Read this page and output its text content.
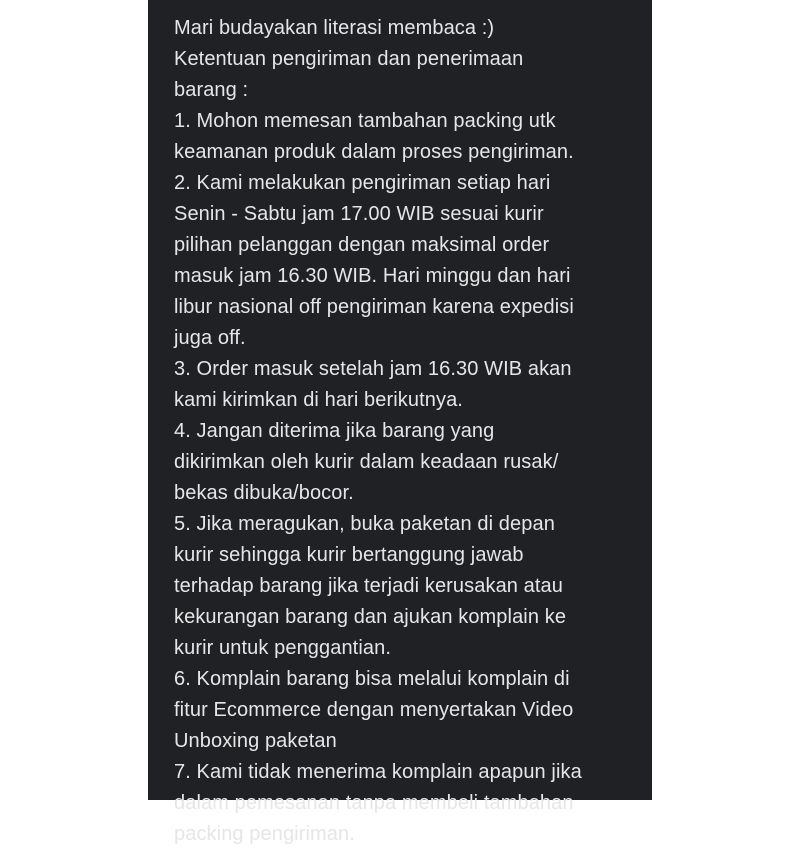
Mari budayakan literasi membaca :)
Ketentuan pengiriman dan penerimaan
barang :
1. Mohon memesan tambahan packing utk
keamanan produk dalam proses pengiriman.
2. Kami melakukan pengiriman setiap hari
Senin - Sabtu jam 17.00 WIB sesuai kurir
pilihan pelanggan dengan maksimal order
masuk jam 16.30 WIB. Hari minggu dan hari
libur nasional off pengiriman karena expedisi
juga off.
3. Order masuk setelah jam 16.30 WIB akan
kami kirimkan di hari berikutnya.
4. Jangan diterima jika barang yang
dikirimkan oleh kurir dalam keadaan rusak/
bekas dibuka/bocor.
5. Jika meragukan, buka paketan di depan
kurir sehingga kurir bertanggung jawab
terhadap barang jika terjadi kerusakan atau
kekurangan barang dan ajukan komplain ke
kurir untuk penggantian.
6. Komplain barang bisa melalui komplain di
fitur Ecommerce dengan menyertakan Video
Unboxing paketan
7. Kami tidak menerima komplain apapun jika
dalam pemesanan tanpa membeli tambahan
packing pengiriman.
